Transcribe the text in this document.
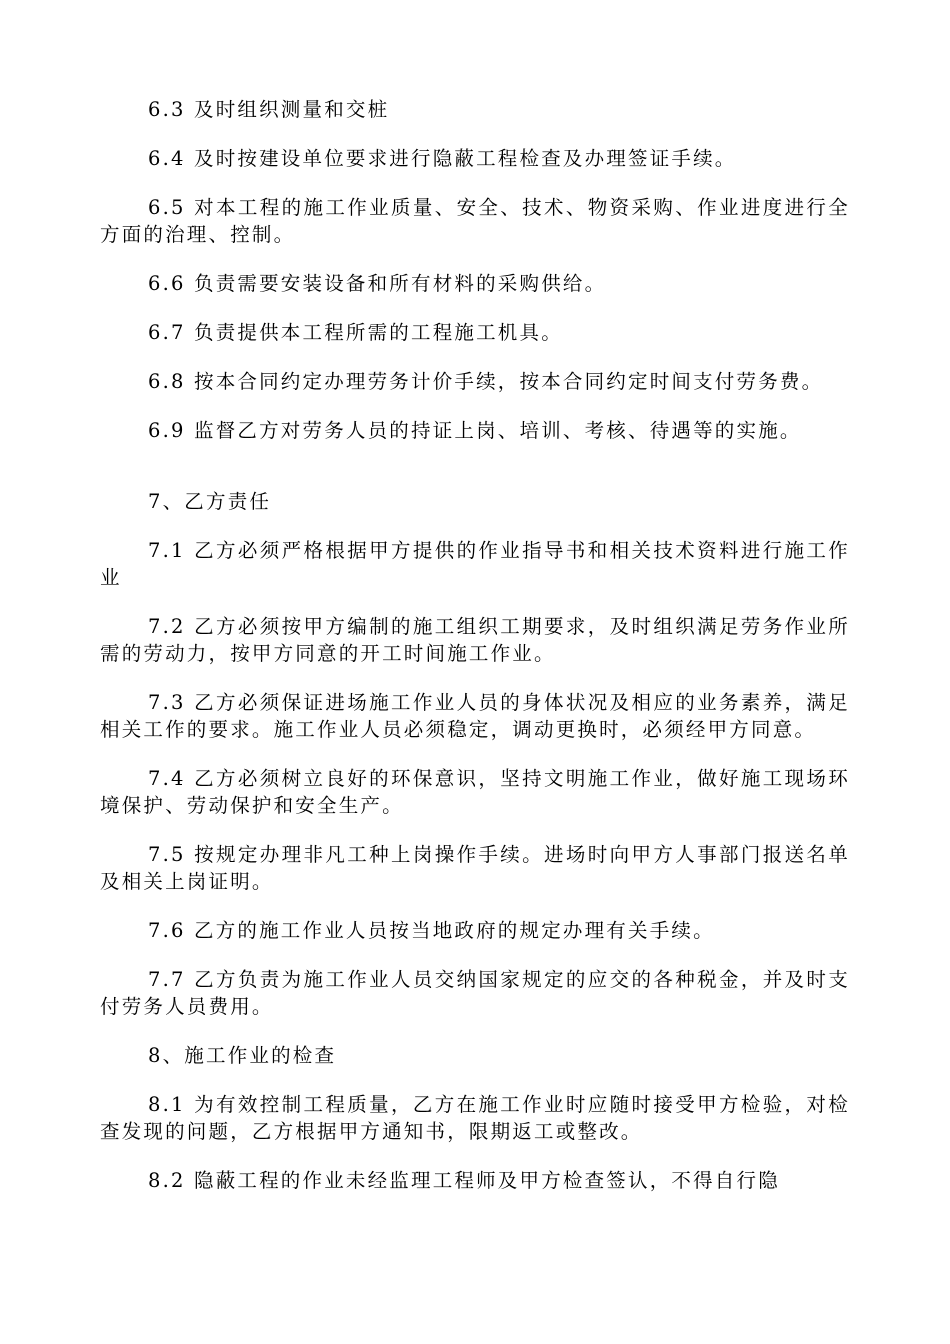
6.3 及时组织测量和交桩

6.4 及时按建设单位要求进行隐蔽工程检查及办理签证手续。

6.5 对本工程的施工作业质量、安全、技术、物资采购、作业进度进行全方面的治理、控制。

6.6 负责需要安装设备和所有材料的采购供给。

6.7 负责提供本工程所需的工程施工机具。

6.8 按本合同约定办理劳务计价手续，按本合同约定时间支付劳务费。

6.9 监督乙方对劳务人员的持证上岗、培训、考核、待遇等的实施。

7、乙方责任

7.1 乙方必须严格根据甲方提供的作业指导书和相关技术资料进行施工作业

7.2 乙方必须按甲方编制的施工组织工期要求，及时组织满足劳务作业所需的劳动力，按甲方同意的开工时间施工作业。

7.3 乙方必须保证进场施工作业人员的身体状况及相应的业务素养，满足相关工作的要求。施工作业人员必须稳定，调动更换时，必须经甲方同意。

7.4 乙方必须树立良好的环保意识，坚持文明施工作业，做好施工现场环境保护、劳动保护和安全生产。

7.5 按规定办理非凡工种上岗操作手续。进场时向甲方人事部门报送名单及相关上岗证明。

7.6 乙方的施工作业人员按当地政府的规定办理有关手续。

7.7 乙方负责为施工作业人员交纳国家规定的应交的各种税金，并及时支付劳务人员费用。

8、施工作业的检查

8.1 为有效控制工程质量，乙方在施工作业时应随时接受甲方检验，对检查发现的问题，乙方根据甲方通知书，限期返工或整改。

8.2 隐蔽工程的作业未经监理工程师及甲方检查签认，不得自行隐
